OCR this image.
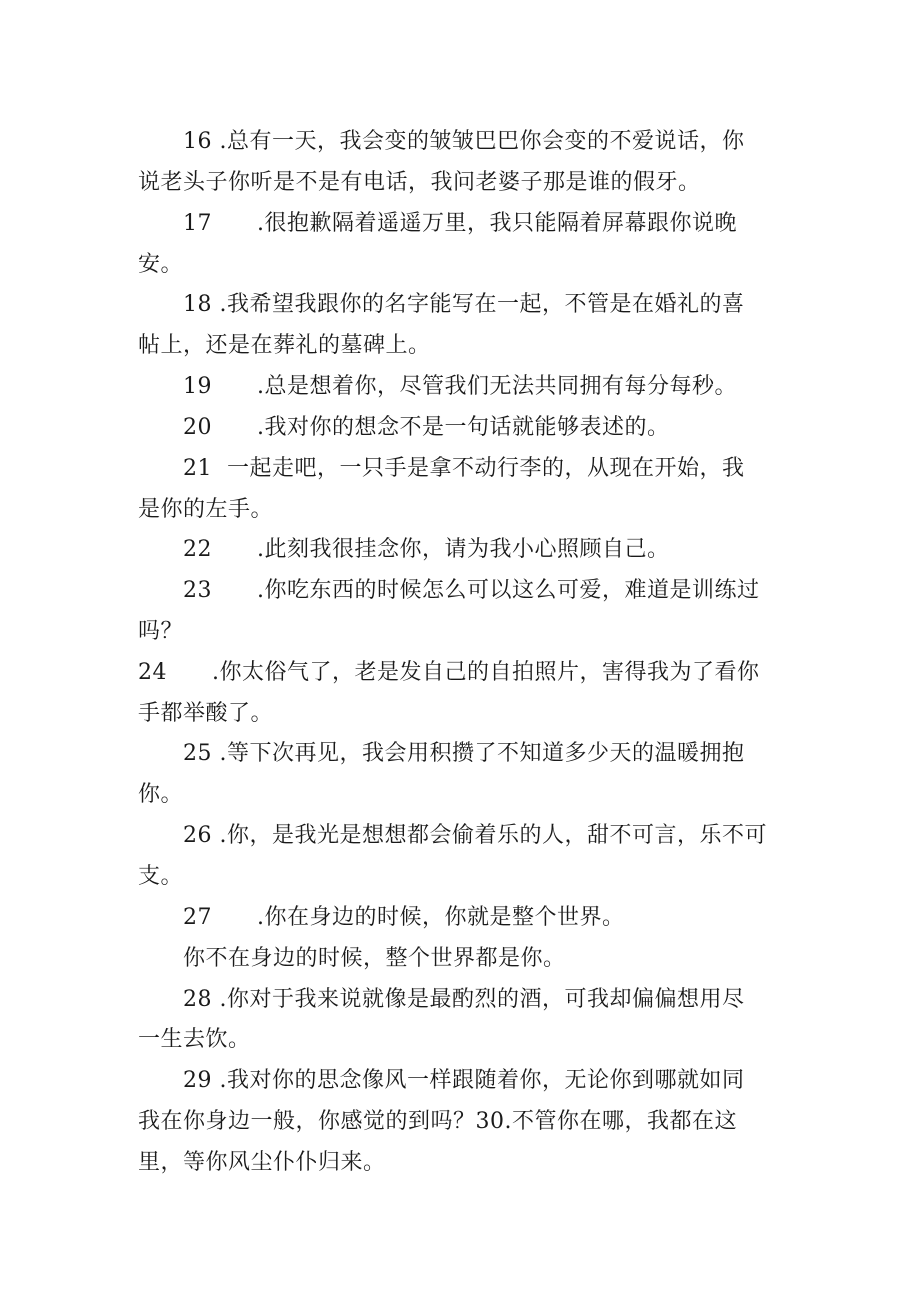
16 .总有一天，我会变的皱皱巴巴你会变的不爱说话，你
说老头子你听是不是有电话，我问老婆子那是谁的假牙。
17      .很抱歉隔着遥遥万里，我只能隔着屏幕跟你说晚
安。
18 .我希望我跟你的名字能写在一起，不管是在婚礼的喜
帖上，还是在葬礼的墓碑上。
19      .总是想着你，尽管我们无法共同拥有每分每秒。
20      .我对你的想念不是一句话就能够表述的。
21  一起走吧，一只手是拿不动行李的，从现在开始，我
是你的左手。
22      .此刻我很挂念你，请为我小心照顾自己。
23      .你吃东西的时候怎么可以这么可爱，难道是训练过
吗？
24      .你太俗气了，老是发自己的自拍照片，害得我为了看你
手都举酸了。
25 .等下次再见，我会用积攒了不知道多少天的温暖拥抱
你。
26 .你，是我光是想想都会偷着乐的人，甜不可言，乐不可
支。
27      .你在身边的时候，你就是整个世界。
你不在身边的时候，整个世界都是你。
28 .你对于我来说就像是最酌烈的酒，可我却偏偏想用尽
一生去饮。
29 .我对你的思念像风一样跟随着你，无论你到哪就如同
我在你身边一般，你感觉的到吗？30.不管你在哪，我都在这
里，等你风尘仆仆归来。
